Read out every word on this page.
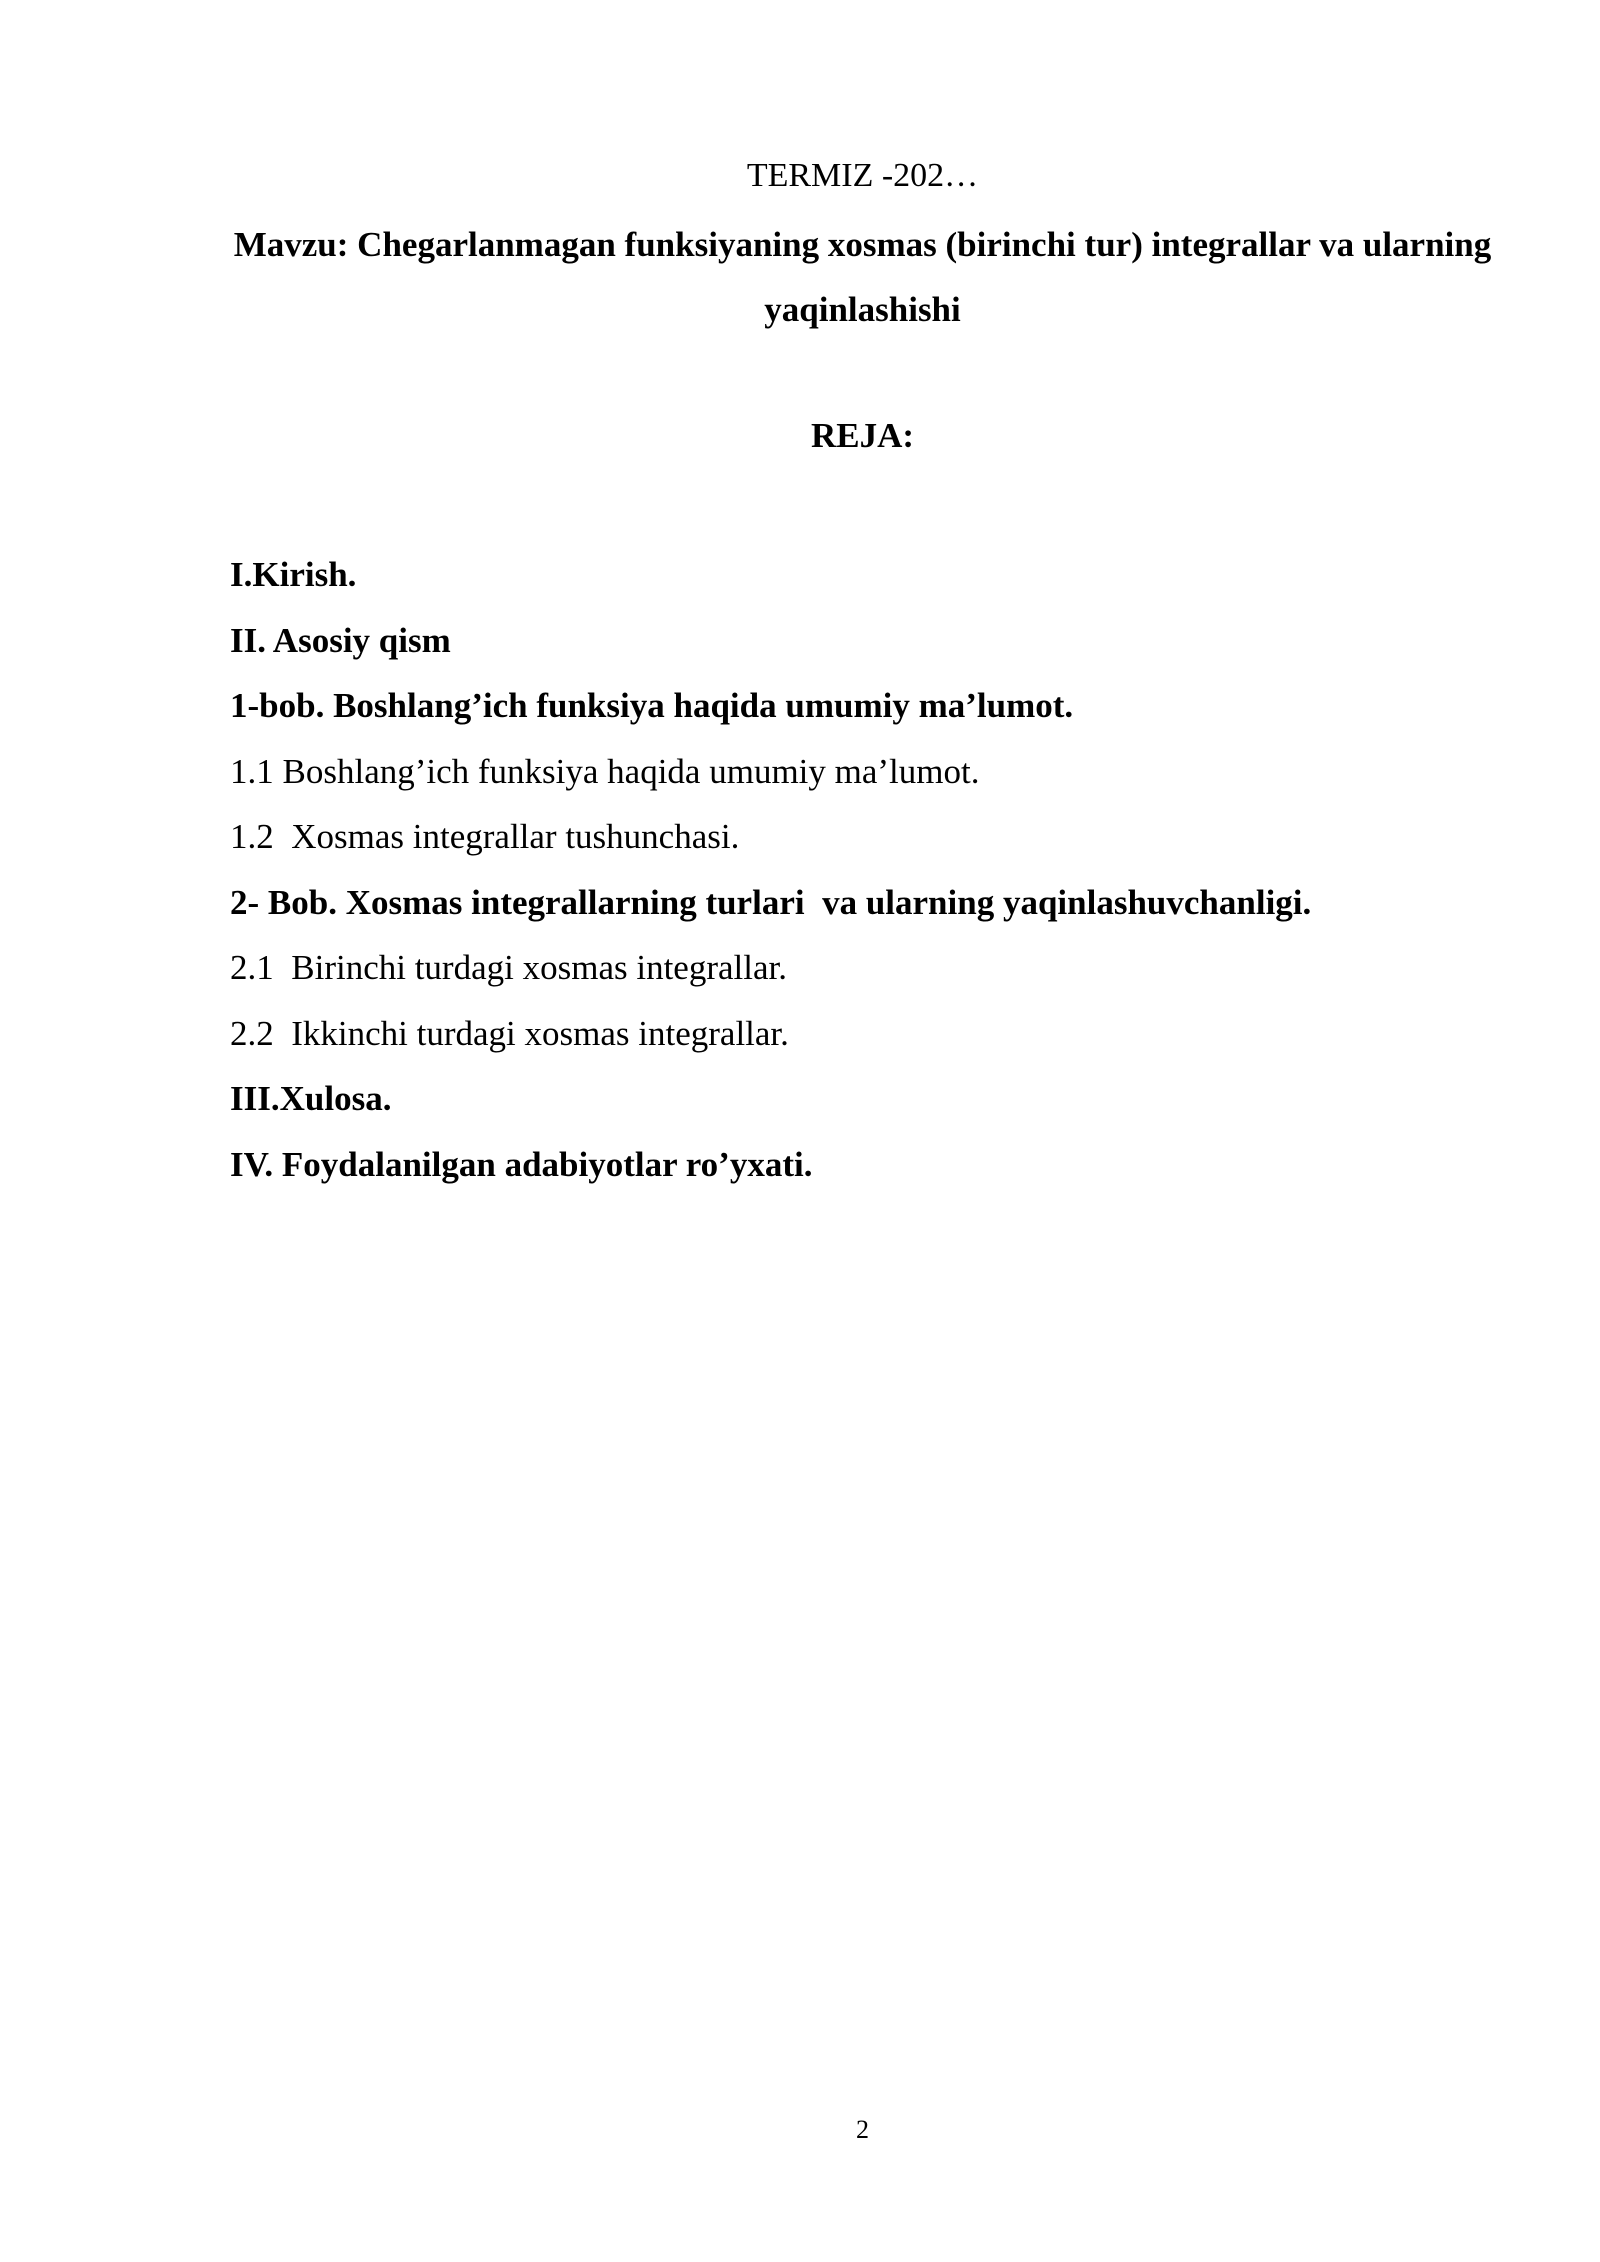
TERMIZ -202…
Mavzu: Chegarlanmagan funksiyaning xosmas (birinchi tur) integrallar va ularning yaqinlashishi
REJA:
I.Kirish.
II. Asosiy qism
1-bob. Boshlang’ich funksiya haqida umumiy ma’lumot.
1.1 Boshlang’ich funksiya haqida umumiy ma’lumot.
1.2  Xosmas integrallar tushunchasi.
2- Bob. Xosmas integrallarning turlari  va ularning yaqinlashuvchanligi.
2.1  Birinchi turdagi xosmas integrallar.
2.2  Ikkinchi turdagi xosmas integrallar.
III.Xulosa.
IV. Foydalanilgan adabiyotlar ro’yxati.
2
